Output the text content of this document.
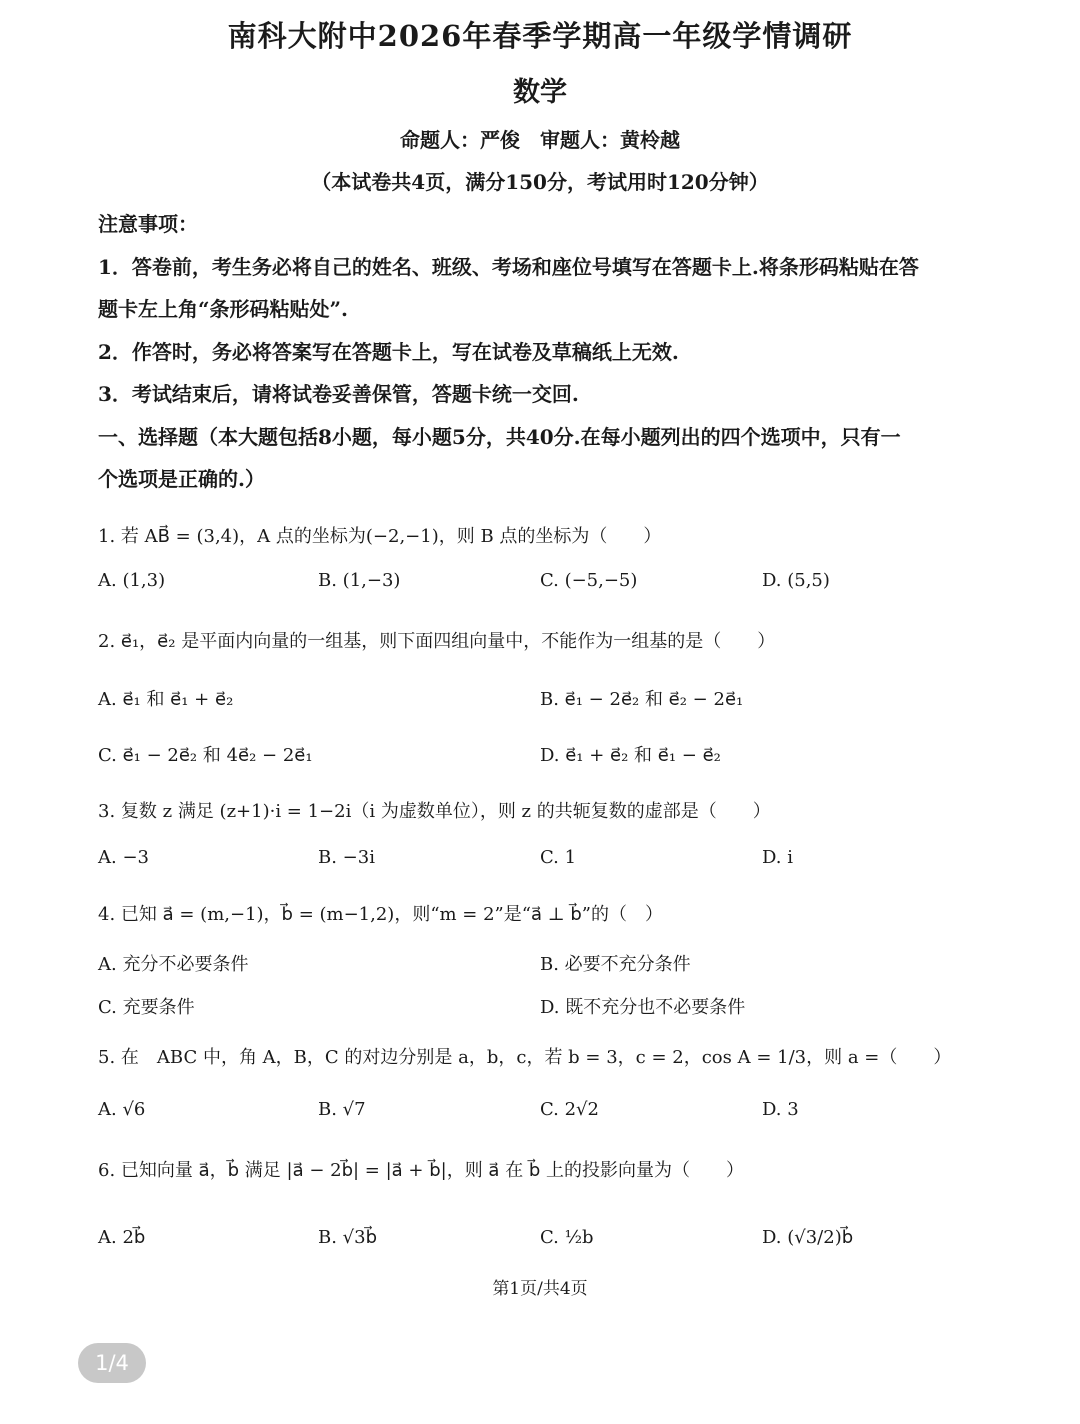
南科大附中2026年春季学期高一年级学情调研
数学
命题人：严俊　审题人：黄柃越
（本试卷共4页，满分150分，考试用时120分钟）
注意事项：
1．答卷前，考生务必将自己的姓名、班级、考场和座位号填写在答题卡上.将条形码粘贴在答
题卡左上角“条形码粘贴处”.
2．作答时，务必将答案写在答题卡上，写在试卷及草稿纸上无效.
3．考试结束后，请将试卷妥善保管，答题卡统一交回.
一、选择题（本大题包括8小题，每小题5分，共40分.在每小题列出的四个选项中，只有一
个选项是正确的.）
1. 若 AB⃗ = (3,4)，A 点的坐标为(−2,−1)，则 B 点的坐标为（　　）
A. (1,3)	B. (1,−3)	C. (−5,−5)	D. (5,5)
2. e⃗₁，e⃗₂ 是平面内向量的一组基，则下面四组向量中，不能作为一组基的是（　　）
A. e⃗₁ 和 e⃗₁ + e⃗₂	B. e⃗₁ − 2e⃗₂ 和 e⃗₂ − 2e⃗₁
C. e⃗₁ − 2e⃗₂ 和 4e⃗₂ − 2e⃗₁	D. e⃗₁ + e⃗₂ 和 e⃗₁ − e⃗₂
3. 复数 z 满足 (z+1)·i = 1−2i（i 为虚数单位），则 z 的共轭复数的虚部是（　　）
A. −3	B. −3i	C. 1	D. i
4. 已知 a⃗ = (m,−1)，b⃗ = (m−1,2)，则“m = 2”是“a⃗ ⊥ b⃗”的（　）
A. 充分不必要条件	B. 必要不充分条件
C. 充要条件	D. 既不充分也不必要条件
5. 在　ABC 中，角 A，B，C 的对边分别是 a，b，c，若 b = 3，c = 2，cos A = 1/3，则 a =（　　）
A. √6	B. √7	C. 2√2	D. 3
6. 已知向量 a⃗，b⃗ 满足 |a⃗ − 2b⃗| = |a⃗ + b⃗|，则 a⃗ 在 b⃗ 上的投影向量为（　　）
A. 2b⃗	B. √3b⃗	C. ½b	D. (√3/2)b⃗
第1页/共4页
1/4
